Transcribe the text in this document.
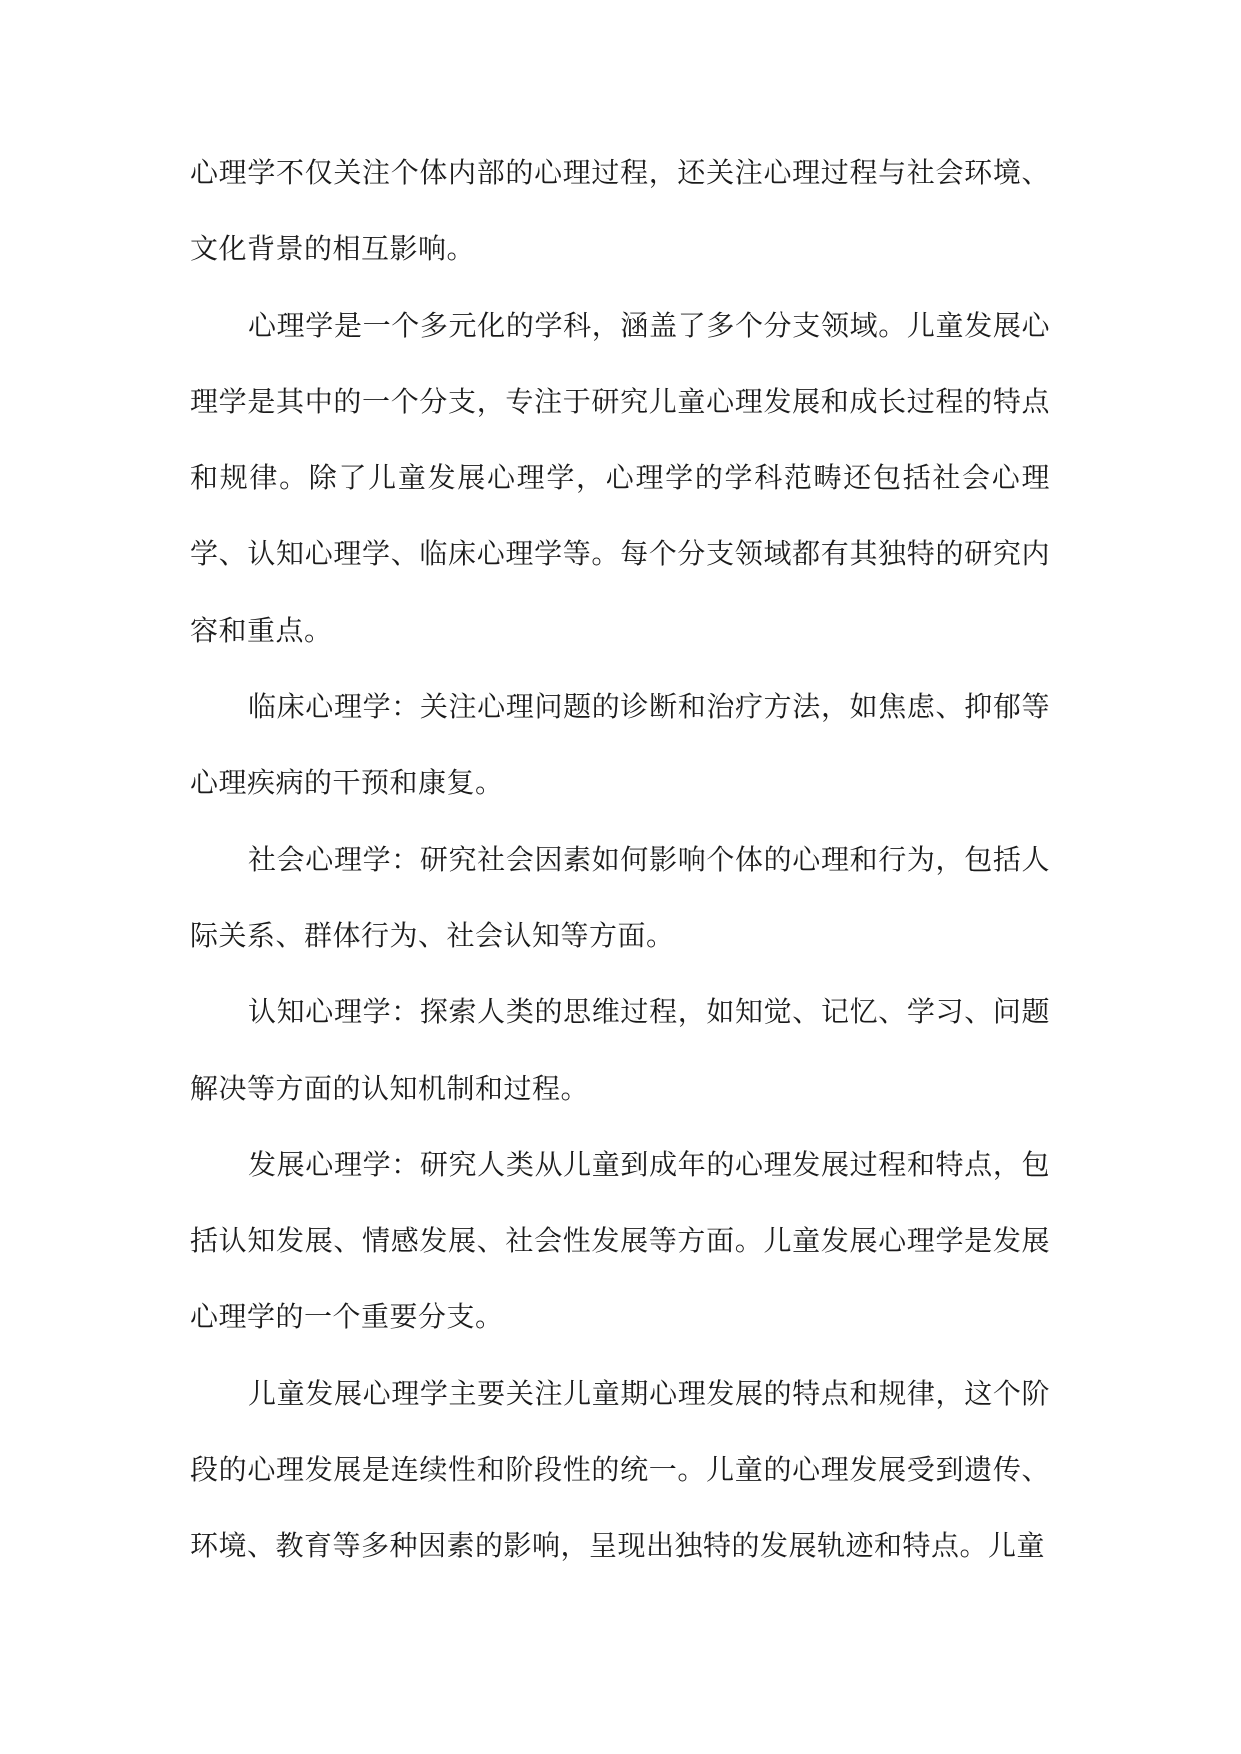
心理学不仅关注个体内部的心理过程，还关注心理过程与社会环境、文化背景的相互影响。

心理学是一个多元化的学科，涵盖了多个分支领域。儿童发展心理学是其中的一个分支，专注于研究儿童心理发展和成长过程的特点和规律。除了儿童发展心理学，心理学的学科范畴还包括社会心理学、认知心理学、临床心理学等。每个分支领域都有其独特的研究内容和重点。

临床心理学：关注心理问题的诊断和治疗方法，如焦虑、抑郁等心理疾病的干预和康复。

社会心理学：研究社会因素如何影响个体的心理和行为，包括人际关系、群体行为、社会认知等方面。

认知心理学：探索人类的思维过程，如知觉、记忆、学习、问题解决等方面的认知机制和过程。

发展心理学：研究人类从儿童到成年的心理发展过程和特点，包括认知发展、情感发展、社会性发展等方面。儿童发展心理学是发展心理学的一个重要分支。

儿童发展心理学主要关注儿童期心理发展的特点和规律，这个阶段的心理发展是连续性和阶段性的统一。儿童的心理发展受到遗传、环境、教育等多种因素的影响，呈现出独特的发展轨迹和特点。儿童
